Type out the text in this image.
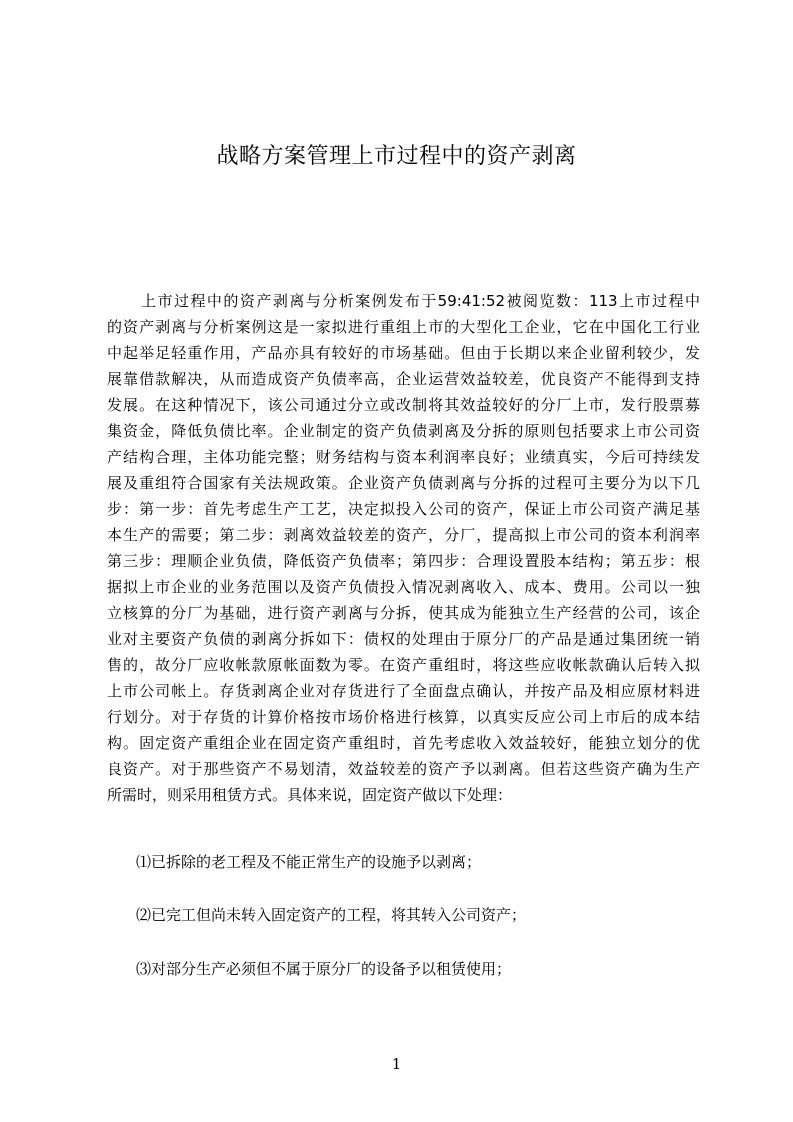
战略方案管理上市过程中的资产剥离
上市过程中的资产剥离与分析案例发布于59:41:52被阅览数：113上市过程中
的资产剥离与分析案例这是一家拟进行重组上市的大型化工企业，它在中国化工行业
中起举足轻重作用，产品亦具有较好的市场基础。但由于长期以来企业留利较少，发
展靠借款解决，从而造成资产负债率高，企业运营效益较差，优良资产不能得到支持
发展。在这种情况下，该公司通过分立或改制将其效益较好的分厂上市，发行股票募
集资金，降低负债比率。企业制定的资产负债剥离及分拆的原则包括要求上市公司资
产结构合理，主体功能完整；财务结构与资本利润率良好；业绩真实，今后可持续发
展及重组符合国家有关法规政策。企业资产负债剥离与分拆的过程可主要分为以下几
步：第一步：首先考虑生产工艺，决定拟投入公司的资产，保证上市公司资产满足基
本生产的需要；第二步：剥离效益较差的资产，分厂，提高拟上市公司的资本利润率
第三步：理顺企业负债，降低资产负债率；第四步：合理设置股本结构；第五步：根
据拟上市企业的业务范围以及资产负债投入情况剥离收入、成本、费用。公司以一独
立核算的分厂为基础，进行资产剥离与分拆，使其成为能独立生产经营的公司，该企
业对主要资产负债的剥离分拆如下：债权的处理由于原分厂的产品是通过集团统一销
售的，故分厂应收帐款原帐面数为零。在资产重组时，将这些应收帐款确认后转入拟
上市公司帐上。存货剥离企业对存货进行了全面盘点确认，并按产品及相应原材料进
行划分。对于存货的计算价格按市场价格进行核算，以真实反应公司上市后的成本结
构。固定资产重组企业在固定资产重组时，首先考虑收入效益较好，能独立划分的优
良资产。对于那些资产不易划清，效益较差的资产予以剥离。但若这些资产确为生产
所需时，则采用租赁方式。具体来说，固定资产做以下处理：
⑴已拆除的老工程及不能正常生产的设施予以剥离；
⑵已完工但尚未转入固定资产的工程，将其转入公司资产；
⑶对部分生产必须但不属于原分厂的设备予以租赁使用；
1
